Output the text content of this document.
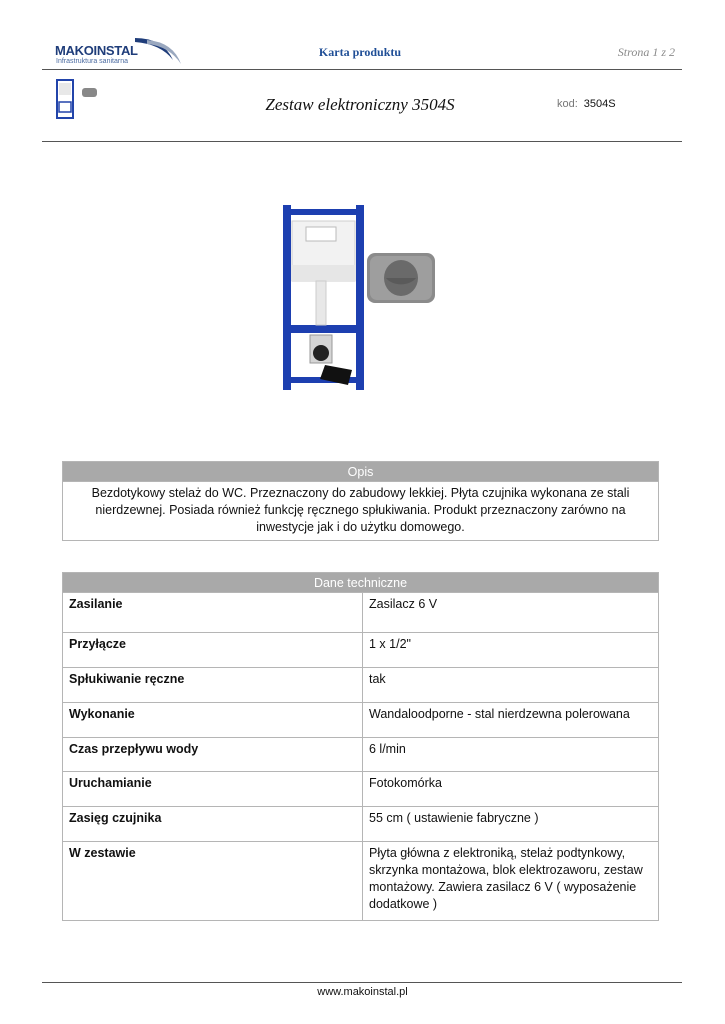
MAKOINSTAL
Infrastruktura sanitarna
Karta produktu	Strona 1 z 2
Zestaw elektroniczny 3504S	kod: 3504S
Opis
Bezdotykowy stelaż do WC. Przeznaczony do zabudowy lekkiej. Płyta czujnika wykonana ze stali nierdzewnej. Posiada również funkcję ręcznego spłukiwania. Produkt przeznaczony zarówno na inwestycje jak i do użytku domowego.
Dane techniczne	
Zasilanie	Zasilacz 6 V
Przyłącze	1 x 1/2"
Spłukiwanie ręczne	tak
Wykonanie	Wandaloodporne - stal nierdzewna polerowana
Czas przepływu wody	6 l/min
Uruchamianie	Fotokomórka
Zasięg czujnika	55 cm ( ustawienie fabryczne )
W zestawie	Płyta główna z elektroniką, stelaż podtynkowy, skrzynka montażowa, blok elektrozaworu, zestaw montażowy. Zawiera zasilacz 6 V ( wyposażenie dodatkowe )
www.makoinstal.pl
